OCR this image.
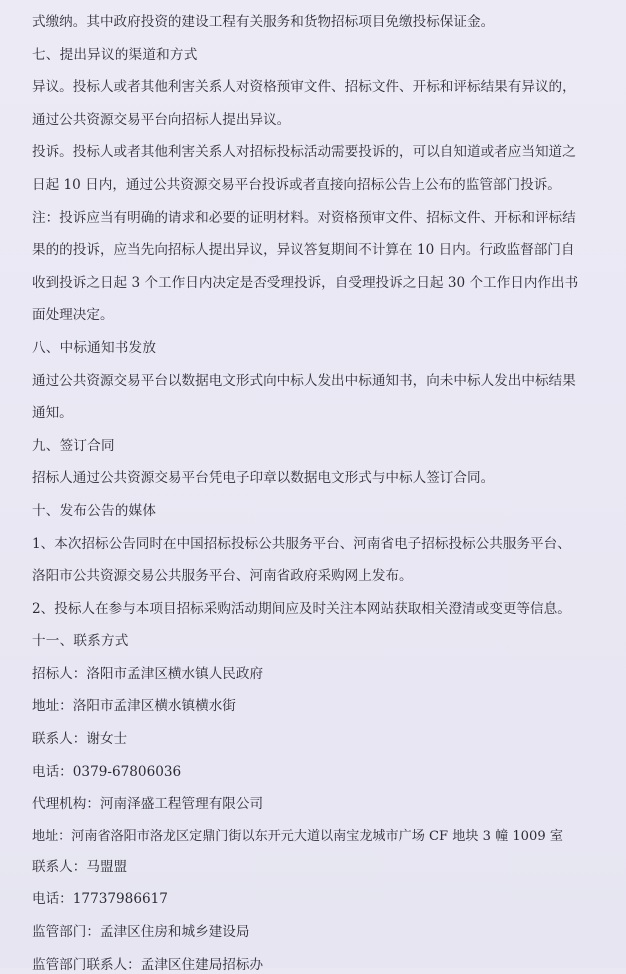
式缴纳。其中政府投资的建设工程有关服务和货物招标项目免缴投标保证金。

七、提出异议的渠道和方式

异议。投标人或者其他利害关系人对资格预审文件、招标文件、开标和评标结果有异议的，

通过公共资源交易平台向招标人提出异议。

投诉。投标人或者其他利害关系人对招标投标活动需要投诉的，可以自知道或者应当知道之

日起 10 日内，通过公共资源交易平台投诉或者直接向招标公告上公布的监管部门投诉。

注：投诉应当有明确的请求和必要的证明材料。对资格预审文件、招标文件、开标和评标结

果的的投诉，应当先向招标人提出异议，异议答复期间不计算在 10 日内。行政监督部门自

收到投诉之日起 3 个工作日内决定是否受理投诉，自受理投诉之日起 30 个工作日内作出书

面处理决定。

八、中标通知书发放

通过公共资源交易平台以数据电文形式向中标人发出中标通知书，向未中标人发出中标结果

通知。

九、签订合同

招标人通过公共资源交易平台凭电子印章以数据电文形式与中标人签订合同。

十、发布公告的媒体

1、本次招标公告同时在中国招标投标公共服务平台、河南省电子招标投标公共服务平台、

洛阳市公共资源交易公共服务平台、河南省政府采购网上发布。

2、投标人在参与本项目招标采购活动期间应及时关注本网站获取相关澄清或变更等信息。

十一、联系方式

招标人：洛阳市孟津区横水镇人民政府

地址：洛阳市孟津区横水镇横水街

联系人：谢女士

电话：0379-67806036

代理机构：河南泽盛工程管理有限公司

地址：河南省洛阳市洛龙区定鼎门街以东开元大道以南宝龙城市广场 CF 地块 3 幢 1009 室

联系人：马盟盟

电话：17737986617

监管部门：孟津区住房和城乡建设局

监管部门联系人：孟津区住建局招标办
